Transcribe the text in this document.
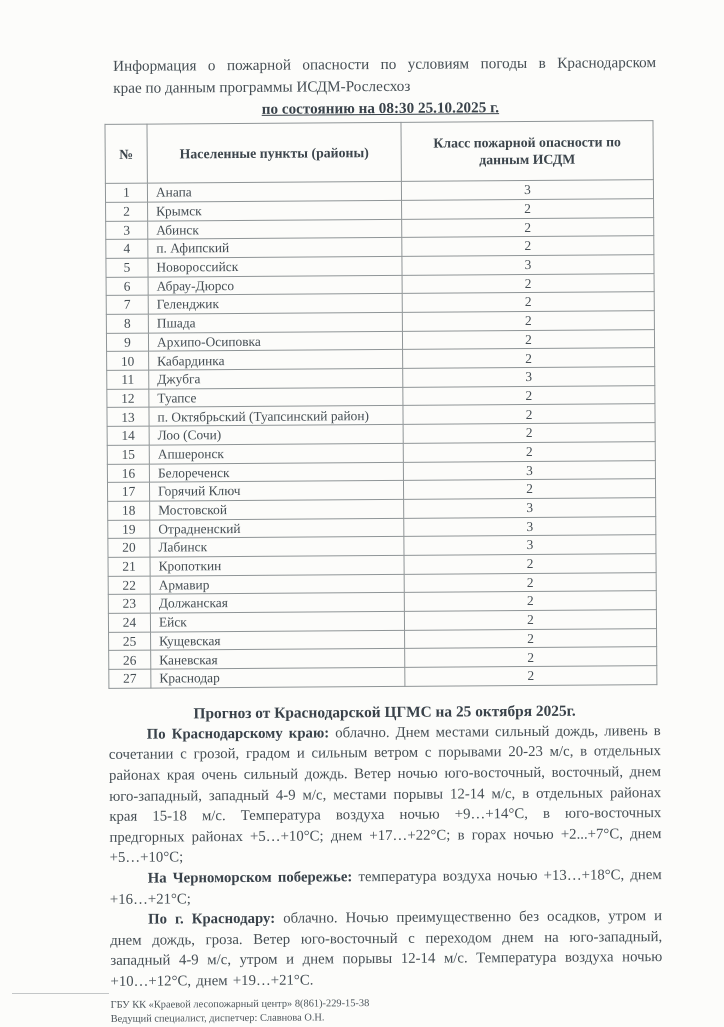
Информация о пожарной опасности по условиям погоды в Краснодарском
крае по данным программы ИСДМ-Рослесхоз
по состоянию на 08:30 25.10.2025 г.
№	Населенные пункты (районы)	Класс пожарной опасности по данным ИСДМ
1	Анапа	3
2	Крымск	2
3	Абинск	2
4	п. Афипский	2
5	Новороссийск	3
6	Абрау-Дюрсо	2
7	Геленджик	2
8	Пшада	2
9	Архипо-Осиповка	2
10	Кабардинка	2
11	Джубга	3
12	Туапсе	2
13	п. Октябрьский (Туапсинский район)	2
14	Лоо (Сочи)	2
15	Апшеронск	2
16	Белореченск	3
17	Горячий Ключ	2
18	Мостовской	3
19	Отрадненский	3
20	Лабинск	3
21	Кропоткин	2
22	Армавир	2
23	Должанская	2
24	Ейск	2
25	Кущевская	2
26	Каневская	2
27	Краснодар	2
Прогноз от Краснодарской ЦГМС на 25 октября 2025г.

По Краснодарскому краю: облачно. Днем местами сильный дождь, ливень в сочетании с грозой, градом и сильным ветром с порывами 20-23 м/с, в отдельных районах края очень сильный дождь. Ветер ночью юго-восточный, восточный, днем юго-западный, западный 4-9 м/с, местами порывы 12-14 м/с, в отдельных районах края 15-18 м/с. Температура воздуха ночью +9…+14°С, в юго-восточных предгорных районах +5…+10°С; днем +17…+22°С; в горах ночью +2...+7°С, днем +5…+10°С;

На Черноморском побережье: температура воздуха ночью +13…+18°С, днем +16…+21°С;

По г. Краснодару: облачно. Ночью преимущественно без осадков, утром и днем дождь, гроза. Ветер юго-восточный с переходом днем на юго-западный, западный 4-9 м/с, утром и днем порывы 12-14 м/с. Температура воздуха ночью +10…+12°С, днем +19…+21°С.

ГБУ КК «Краевой лесопожарный центр» 8(861)-229-15-38
Ведущий специалист, диспетчер: Славнова О.Н.
